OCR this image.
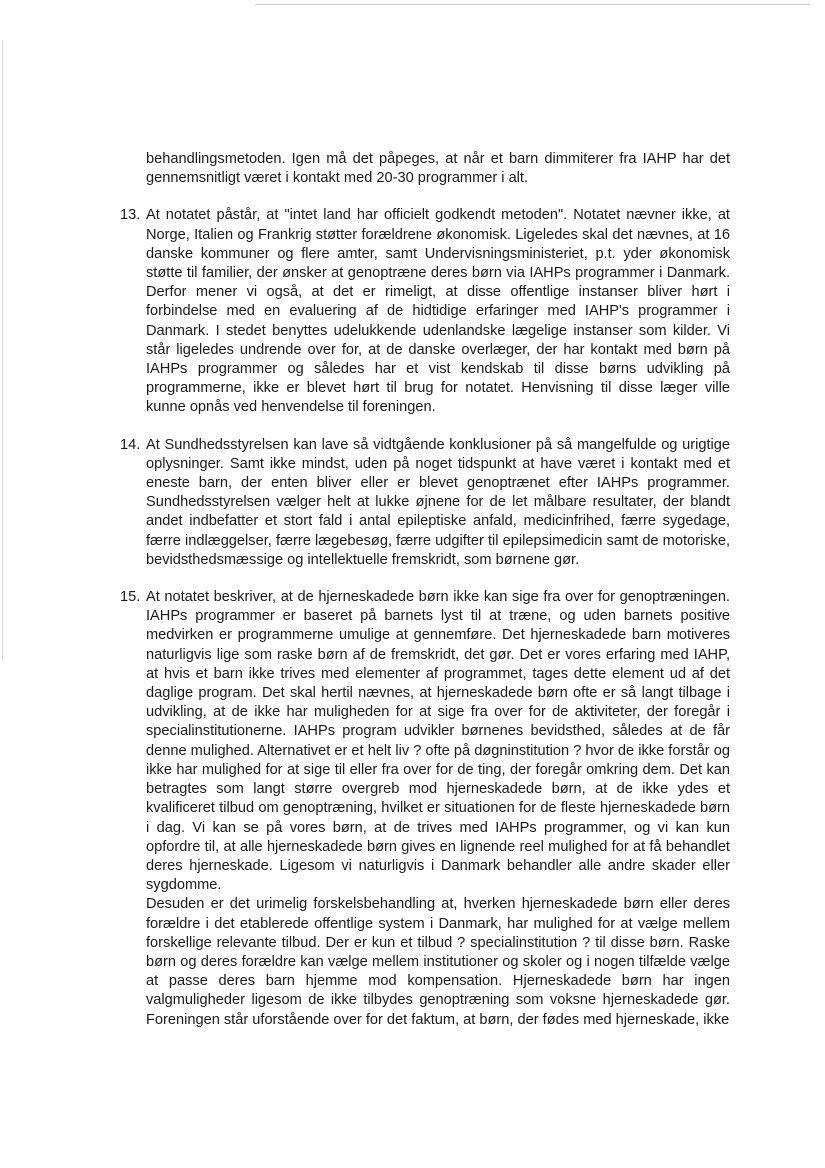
behandlingsmetoden. Igen må det påpeges, at når et barn dimmiterer fra IAHP har det gennemsnitligt været i kontakt med 20-30 programmer i alt.

13. At notatet påstår, at "intet land har officielt godkendt metoden". Notatet nævner ikke, at Norge, Italien og Frankrig støtter forældrene økonomisk. Ligeledes skal det nævnes, at 16 danske kommuner og flere amter, samt Undervisningsministeriet, p.t. yder økonomisk støtte til familier, der ønsker at genoptræne deres børn via IAHPs programmer i Danmark. Derfor mener vi også, at det er rimeligt, at disse offentlige instanser bliver hørt i forbindelse med en evaluering af de hidtidige erfaringer med IAHP's programmer i Danmark. I stedet benyttes udelukkende udenlandske lægelige instanser som kilder. Vi står ligeledes undrende over for, at de danske overlæger, der har kontakt med børn på IAHPs programmer og således har et vist kendskab til disse børns udvikling på programmerne, ikke er blevet hørt til brug for notatet. Henvisning til disse læger ville kunne opnås ved henvendelse til foreningen.

14. At Sundhedsstyrelsen kan lave så vidtgående konklusioner på så mangelfulde og urigtige oplysninger. Samt ikke mindst, uden på noget tidspunkt at have været i kontakt med et eneste barn, der enten bliver eller er blevet genoptrænet efter IAHPs programmer. Sundhedsstyrelsen vælger helt at lukke øjnene for de let målbare resultater, der blandt andet indbefatter et stort fald i antal epileptiske anfald, medicinfrihed, færre sygedage, færre indlæggelser, færre lægebesøg, færre udgifter til epilepsimedicin samt de motoriske, bevidsthedsmæssige og intellektuelle fremskridt, som børnene gør.

15. At notatet beskriver, at de hjerneskadede børn ikke kan sige fra over for genoptræningen. IAHPs programmer er baseret på barnets lyst til at træne, og uden barnets positive medvirken er programmerne umulige at gennemføre. Det hjerneskadede barn motiveres naturligvis lige som raske børn af de fremskridt, det gør. Det er vores erfaring med IAHP, at hvis et barn ikke trives med elementer af programmet, tages dette element ud af det daglige program. Det skal hertil nævnes, at hjerneskadede børn ofte er så langt tilbage i udvikling, at de ikke har muligheden for at sige fra over for de aktiviteter, der foregår i specialinstitutionerne. IAHPs program udvikler børnenes bevidsthed, således at de får denne mulighed. Alternativet er et helt liv ? ofte på døgninstitution ? hvor de ikke forstår og ikke har mulighed for at sige til eller fra over for de ting, der foregår omkring dem. Det kan betragtes som langt større overgreb mod hjerneskadede børn, at de ikke ydes et kvalificeret tilbud om genoptræning, hvilket er situationen for de fleste hjerneskadede børn i dag. Vi kan se på vores børn, at de trives med IAHPs programmer, og vi kan kun opfordre til, at alle hjerneskadede børn gives en lignende reel mulighed for at få behandlet deres hjerneskade. Ligesom vi naturligvis i Danmark behandler alle andre skader eller sygdomme.

Desuden er det urimelig forskelsbehandling at, hverken hjerneskadede børn eller deres forældre i det etablerede offentlige system i Danmark, har mulighed for at vælge mellem forskellige relevante tilbud. Der er kun et tilbud ? specialinstitution ? til disse børn. Raske børn og deres forældre kan vælge mellem institutioner og skoler og i nogen tilfælde vælge at passe deres barn hjemme mod kompensation. Hjerneskadede børn har ingen valgmuligheder ligesom de ikke tilbydes genoptræning som voksne hjerneskadede gør. Foreningen står uforstående over for det faktum, at børn, der fødes med hjerneskade, ikke
